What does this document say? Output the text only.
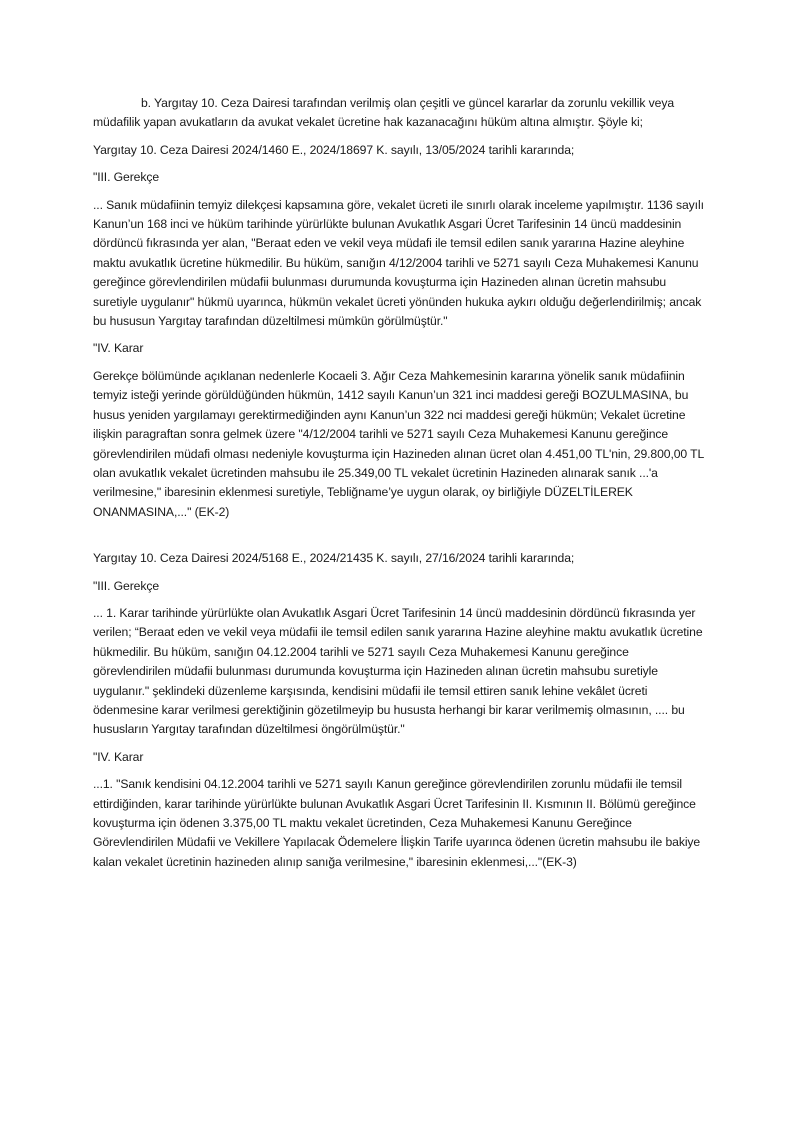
b. Yargıtay 10. Ceza Dairesi tarafından verilmiş olan çeşitli ve güncel kararlar da zorunlu vekillik veya müdafilik yapan avukatların da avukat vekalet ücretine hak kazanacağını hüküm altına almıştır. Şöyle ki;

Yargıtay 10. Ceza Dairesi 2024/1460 E., 2024/18697 K. sayılı, 13/05/2024 tarihli kararında;

"III. Gerekçe

... Sanık müdafiinin temyiz dilekçesi kapsamına göre, vekalet ücreti ile sınırlı olarak inceleme yapılmıştır. 1136 sayılı Kanun’un 168 inci ve hüküm tarihinde yürürlükte bulunan Avukatlık Asgari Ücret Tarifesinin 14 üncü maddesinin dördüncü fıkrasında yer alan, "Beraat eden ve vekil veya müdafi ile temsil edilen sanık yararına Hazine aleyhine maktu avukatlık ücretine hükmedilir. Bu hüküm, sanığın 4/12/2004 tarihli ve 5271 sayılı Ceza Muhakemesi Kanunu gereğince görevlendirilen müdafii bulunması durumunda kovuşturma için Hazineden alınan ücretin mahsubu suretiyle uygulanır" hükmü uyarınca, hükmün vekalet ücreti yönünden hukuka aykırı olduğu değerlendirilmiş; ancak bu hususun Yargıtay tarafından düzeltilmesi mümkün görülmüştür."

"IV. Karar

Gerekçe bölümünde açıklanan nedenlerle Kocaeli 3. Ağır Ceza Mahkemesinin kararına yönelik sanık müdafiinin temyiz isteği yerinde görüldüğünden hükmün, 1412 sayılı Kanun’un 321 inci maddesi gereği BOZULMASINA, bu husus yeniden yargılamayı gerektirmediğinden aynı Kanun’un 322 nci maddesi gereği hükmün; Vekalet ücretine ilişkin paragraftan sonra gelmek üzere "4/12/2004 tarihli ve 5271 sayılı Ceza Muhakemesi Kanunu gereğince görevlendirilen müdafi olması nedeniyle kovuşturma için Hazineden alınan ücret olan 4.451,00 TL'nin, 29.800,00 TL olan avukatlık vekalet ücretinden mahsubu ile 25.349,00 TL vekalet ücretinin Hazineden alınarak sanık ...'a verilmesine," ibaresinin eklenmesi suretiyle, Tebliğname’ye uygun olarak, oy birliğiyle DÜZELTİLEREK ONANMASINA,..." (EK-2)

Yargıtay 10. Ceza Dairesi 2024/5168 E., 2024/21435 K. sayılı, 27/16/2024 tarihli kararında;

"III. Gerekçe

... 1. Karar tarihinde yürürlükte olan Avukatlık Asgari Ücret Tarifesinin 14 üncü maddesinin dördüncü fıkrasında yer verilen; “Beraat eden ve vekil veya müdafii ile temsil edilen sanık yararına Hazine aleyhine maktu avukatlık ücretine hükmedilir. Bu hüküm, sanığın 04.12.2004 tarihli ve 5271 sayılı Ceza Muhakemesi Kanunu gereğince görevlendirilen müdafii bulunması durumunda kovuşturma için Hazineden alınan ücretin mahsubu suretiyle uygulanır." şeklindeki düzenleme karşısında, kendisini müdafii ile temsil ettiren sanık lehine vekâlet ücreti ödenmesine karar verilmesi gerektiğinin gözetilmeyip bu hususta herhangi bir karar verilmemiş olmasının, .... bu hususların Yargıtay tarafından düzeltilmesi öngörülmüştür."

"IV. Karar

...1. "Sanık kendisini 04.12.2004 tarihli ve 5271 sayılı Kanun gereğince görevlendirilen zorunlu müdafii ile temsil ettirdiğinden, karar tarihinde yürürlükte bulunan Avukatlık Asgari Ücret Tarifesinin II. Kısmının II. Bölümü gereğince kovuşturma için ödenen 3.375,00 TL maktu vekalet ücretinden, Ceza Muhakemesi Kanunu Gereğince Görevlendirilen Müdafii ve Vekillere Yapılacak Ödemelere İlişkin Tarife uyarınca ödenen ücretin mahsubu ile bakiye kalan vekalet ücretinin hazineden alınıp sanığa verilmesine," ibaresinin eklenmesi,..."(EK-3)
